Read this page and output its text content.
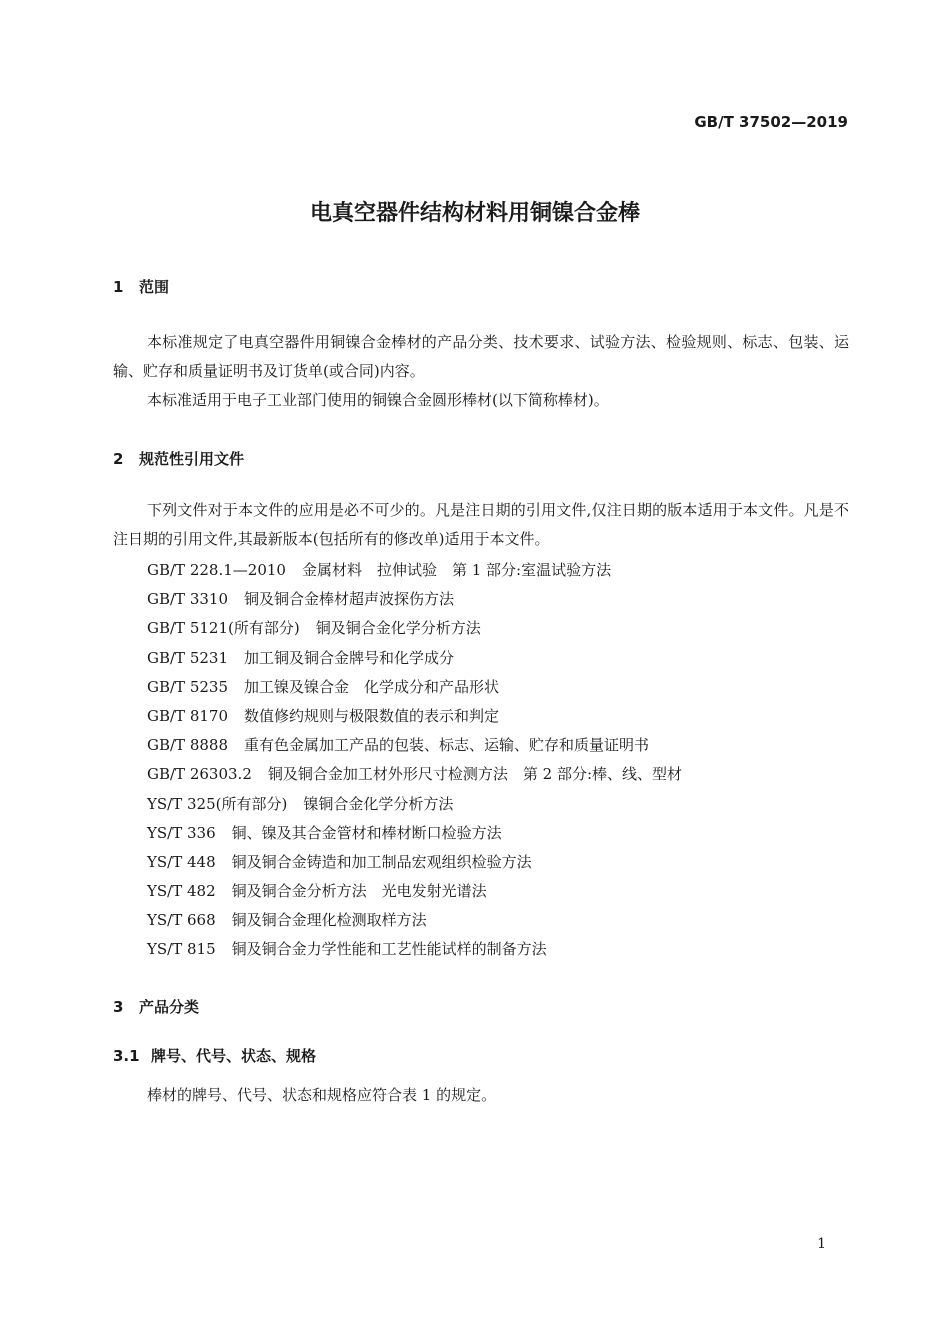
GB/T 37502—2019
电真空器件结构材料用铜镍合金棒
1 范围
本标准规定了电真空器件用铜镍合金棒材的产品分类、技术要求、试验方法、检验规则、标志、包装、运输、贮存和质量证明书及订货单(或合同)内容。
本标准适用于电子工业部门使用的铜镍合金圆形棒材(以下简称棒材)。
2 规范性引用文件
下列文件对于本文件的应用是必不可少的。凡是注日期的引用文件,仅注日期的版本适用于本文件。凡是不注日期的引用文件,其最新版本(包括所有的修改单)适用于本文件。
GB/T 228.1—2010 金属材料　拉伸试验　第 1 部分:室温试验方法
GB/T 3310 铜及铜合金棒材超声波探伤方法
GB/T 5121(所有部分) 铜及铜合金化学分析方法
GB/T 5231 加工铜及铜合金牌号和化学成分
GB/T 5235 加工镍及镍合金　化学成分和产品形状
GB/T 8170 数值修约规则与极限数值的表示和判定
GB/T 8888 重有色金属加工产品的包装、标志、运输、贮存和质量证明书
GB/T 26303.2 铜及铜合金加工材外形尺寸检测方法　第 2 部分:棒、线、型材
YS/T 325(所有部分) 镍铜合金化学分析方法
YS/T 336 铜、镍及其合金管材和棒材断口检验方法
YS/T 448 铜及铜合金铸造和加工制品宏观组织检验方法
YS/T 482 铜及铜合金分析方法　光电发射光谱法
YS/T 668 铜及铜合金理化检测取样方法
YS/T 815 铜及铜合金力学性能和工艺性能试样的制备方法
3 产品分类
3.1 牌号、代号、状态、规格
棒材的牌号、代号、状态和规格应符合表 1 的规定。
1
